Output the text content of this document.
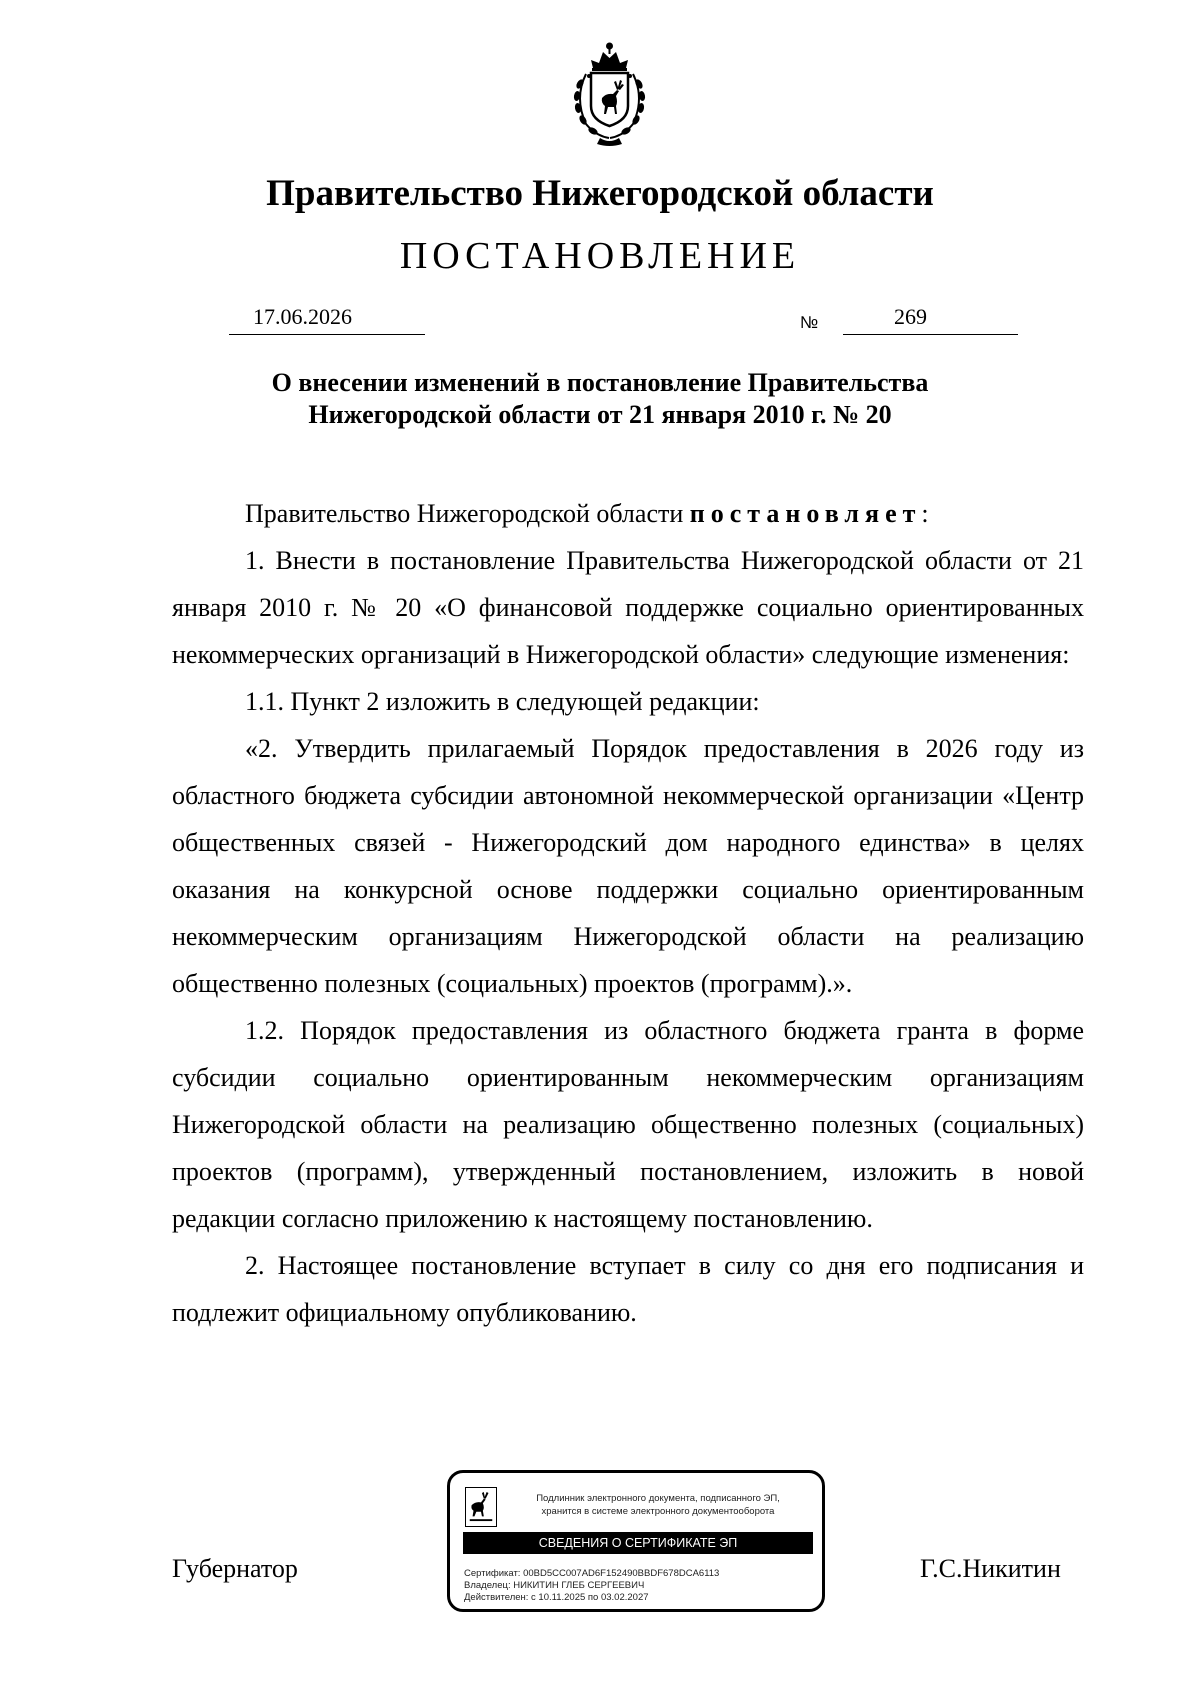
Правительство Нижегородской области
ПОСТАНОВЛЕНИЕ
17.06.2026	№	269
О внесении изменений в постановление Правительства
Нижегородской области от 21 января 2010 г. № 20

Правительство Нижегородской области постановляет:

1. Внести в постановление Правительства Нижегородской области от 21 января 2010 г. № 20 «О финансовой поддержке социально ориентированных некоммерческих организаций в Нижегородской области» следующие изменения:

1.1. Пункт 2 изложить в следующей редакции:

«2. Утвердить прилагаемый Порядок предоставления в 2026 году из областного бюджета субсидии автономной некоммерческой организации «Центр общественных связей - Нижегородский дом народного единства» в целях оказания на конкурсной основе поддержки социально ориентированным некоммерческим организациям Нижегородской области на реализацию общественно полезных (социальных) проектов (программ).».

1.2. Порядок предоставления из областного бюджета гранта в форме субсидии социально ориентированным некоммерческим организациям Нижегородской области на реализацию общественно полезных (социальных) проектов (программ), утвержденный постановлением, изложить в новой редакции согласно приложению к настоящему постановлению.

2. Настоящее постановление вступает в силу со дня его подписания и подлежит официальному опубликованию.

Губернатор	Г.С.Никитин
Подлинник электронного документа, подписанного ЭП,
хранится в системе электронного документооборота
СВЕДЕНИЯ О СЕРТИФИКАТЕ ЭП
Сертификат: 00BD5CC007AD6F152490BBDF678DCA6113
Владелец: НИКИТИН ГЛЕБ СЕРГЕЕВИЧ
Действителен: с 10.11.2025 по 03.02.2027
